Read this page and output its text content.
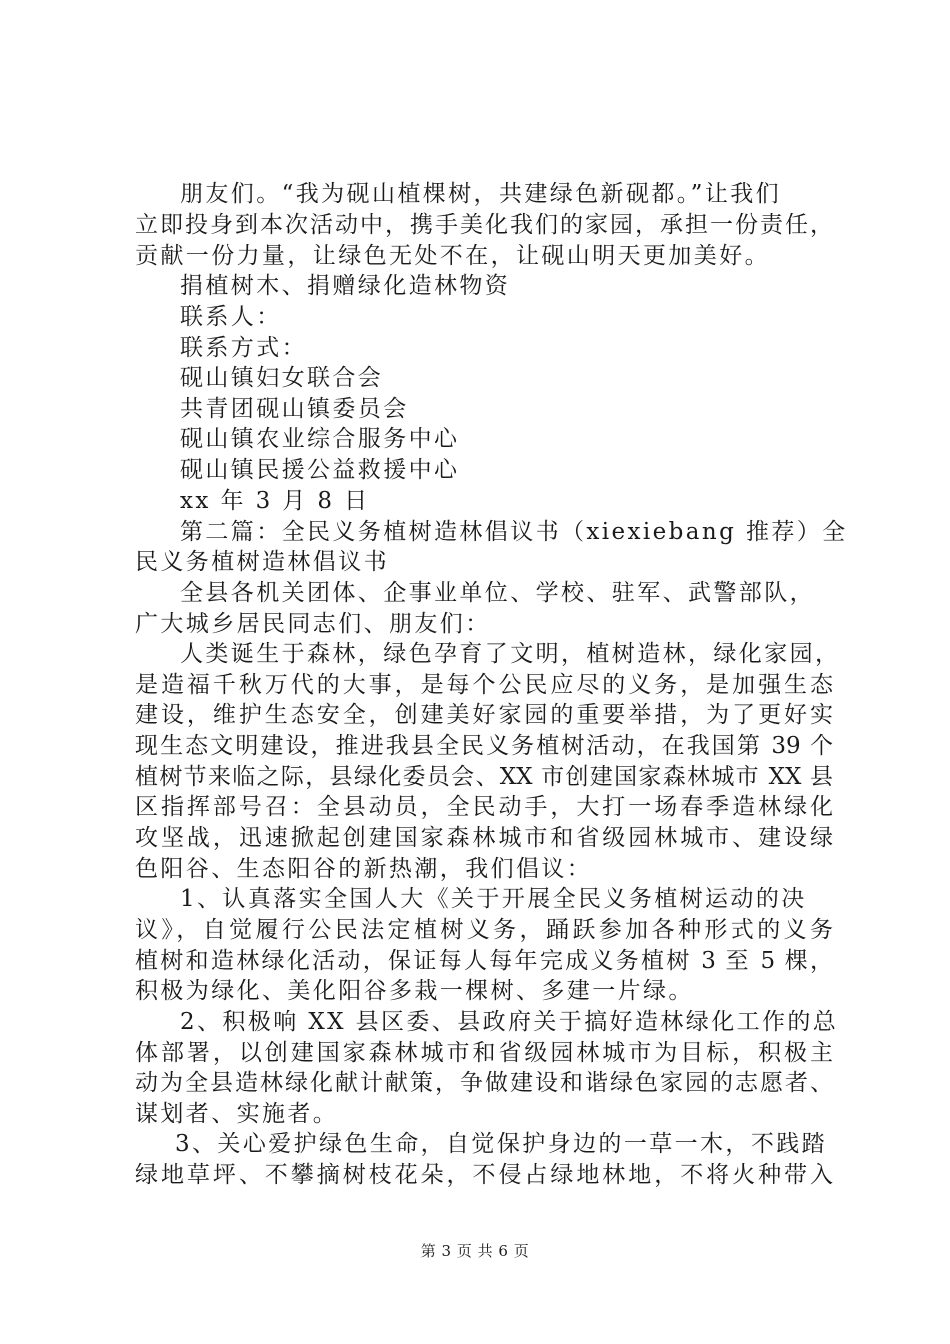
朋友们。“我为砚山植棵树，共建绿色新砚都。”让我们

立即投身到本次活动中，携手美化我们的家园，承担一份责任，

贡献一份力量，让绿色无处不在，让砚山明天更加美好。

捐植树木、捐赠绿化造林物资

联系人：

联系方式：

砚山镇妇女联合会

共青团砚山镇委员会

砚山镇农业综合服务中心

砚山镇民援公益救援中心

xx 年 3 月 8 日

第二篇：全民义务植树造林倡议书（xiexiebang 推荐）全

民义务植树造林倡议书

全县各机关团体、企事业单位、学校、驻军、武警部队，

广大城乡居民同志们、朋友们：

人类诞生于森林，绿色孕育了文明，植树造林，绿化家园，

是造福千秋万代的大事，是每个公民应尽的义务，是加强生态

建设，维护生态安全，创建美好家园的重要举措，为了更好实

现生态文明建设，推进我县全民义务植树活动，在我国第 39 个

植树节来临之际，县绿化委员会、XX 市创建国家森林城市 XX 县

区指挥部号召：全县动员，全民动手，大打一场春季造林绿化

攻坚战，迅速掀起创建国家森林城市和省级园林城市、建设绿

色阳谷、生态阳谷的新热潮，我们倡议：

1、认真落实全国人大《关于开展全民义务植树运动的决

议》，自觉履行公民法定植树义务，踊跃参加各种形式的义务

植树和造林绿化活动，保证每人每年完成义务植树 3 至 5 棵，

积极为绿化、美化阳谷多栽一棵树、多建一片绿。

2、积极响 XX 县区委、县政府关于搞好造林绿化工作的总

体部署，以创建国家森林城市和省级园林城市为目标，积极主

动为全县造林绿化献计献策，争做建设和谐绿色家园的志愿者、

谋划者、实施者。

3、关心爱护绿色生命，自觉保护身边的一草一木，不践踏

绿地草坪、不攀摘树枝花朵，不侵占绿地林地，不将火种带入

第 3 页 共 6 页
